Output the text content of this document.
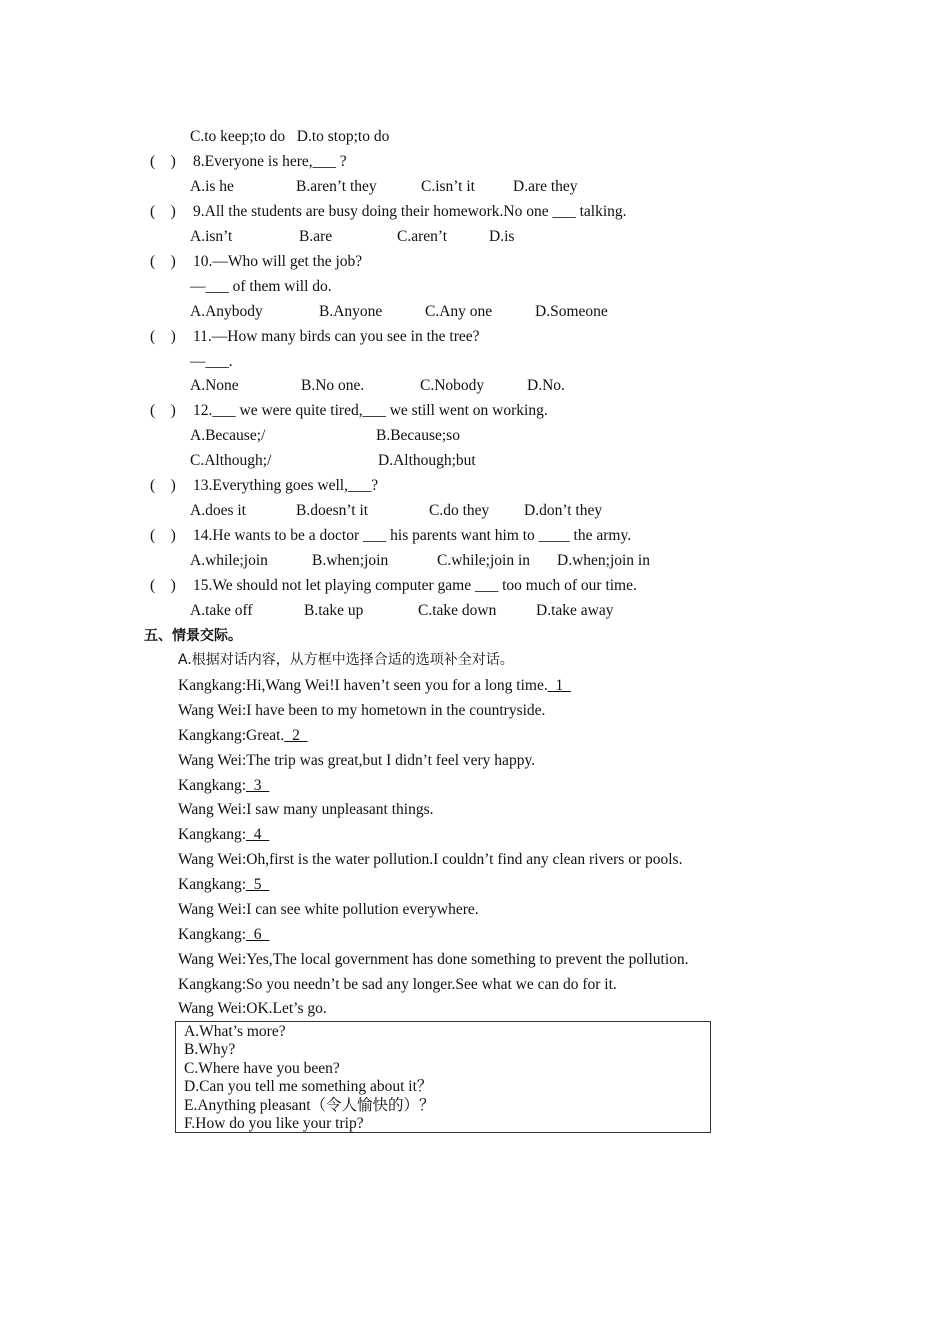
C.to keep;to do   D.to stop;to do
(    ) 8.Everyone is here,___ ?
A.is he	B.aren’t they	C.isn’t it D.are they
(    ) 9.All the students are busy doing their homework.No one ___ talking.
A.isn’t	B.are	C.aren’t	D.is
(    ) 10.—Who will get the job?
—___ of them will do.
A.Anybody	B.Anyone	C.Any one	D.Someone
(    ) 11.—How many birds can you see in the tree?
—___.
A.None	B.No one.	C.Nobody	D.No.
(    ) 12.___ we were quite tired,___ we still went on working.
A.Because;/	B.Because;so
C.Although;/	D.Although;but
(    ) 13.Everything goes well,___?
A.does it	B.doesn’t it	C.do they D.don’t they
(    ) 14.He wants to be a doctor ___ his parents want him to ____ the army.
A.while;join	B.when;join	C.while;join in D.when;join in
(    ) 15.We should not let playing computer game ___ too much of our time.
A.take off	B.take up	C.take down	D.take away
五、情景交际。
A.根据对话内容，从方框中选择合适的选项补全对话。
Kangkang:Hi,Wang Wei!I haven’t seen you for a long time.  1
Wang Wei:I have been to my hometown in the countryside.
Kangkang:Great.  2
Wang Wei:The trip was great,but I didn’t feel very happy.
Kangkang:  3
Wang Wei:I saw many unpleasant things.
Kangkang:  4
Wang Wei:Oh,first is the water pollution.I couldn’t find any clean rivers or pools.
Kangkang:  5
Wang Wei:I can see white pollution everywhere.
Kangkang:  6
Wang Wei:Yes,The local government has done something to prevent the pollution.
Kangkang:So you needn’t be sad any longer.See what we can do for it.
Wang Wei:OK.Let’s go.
A.What’s more?
B.Why?
C.Where have you been?
D.Can you tell me something about it？
E.Anything pleasant（令人愉快的）？
F.How do you like your trip?
